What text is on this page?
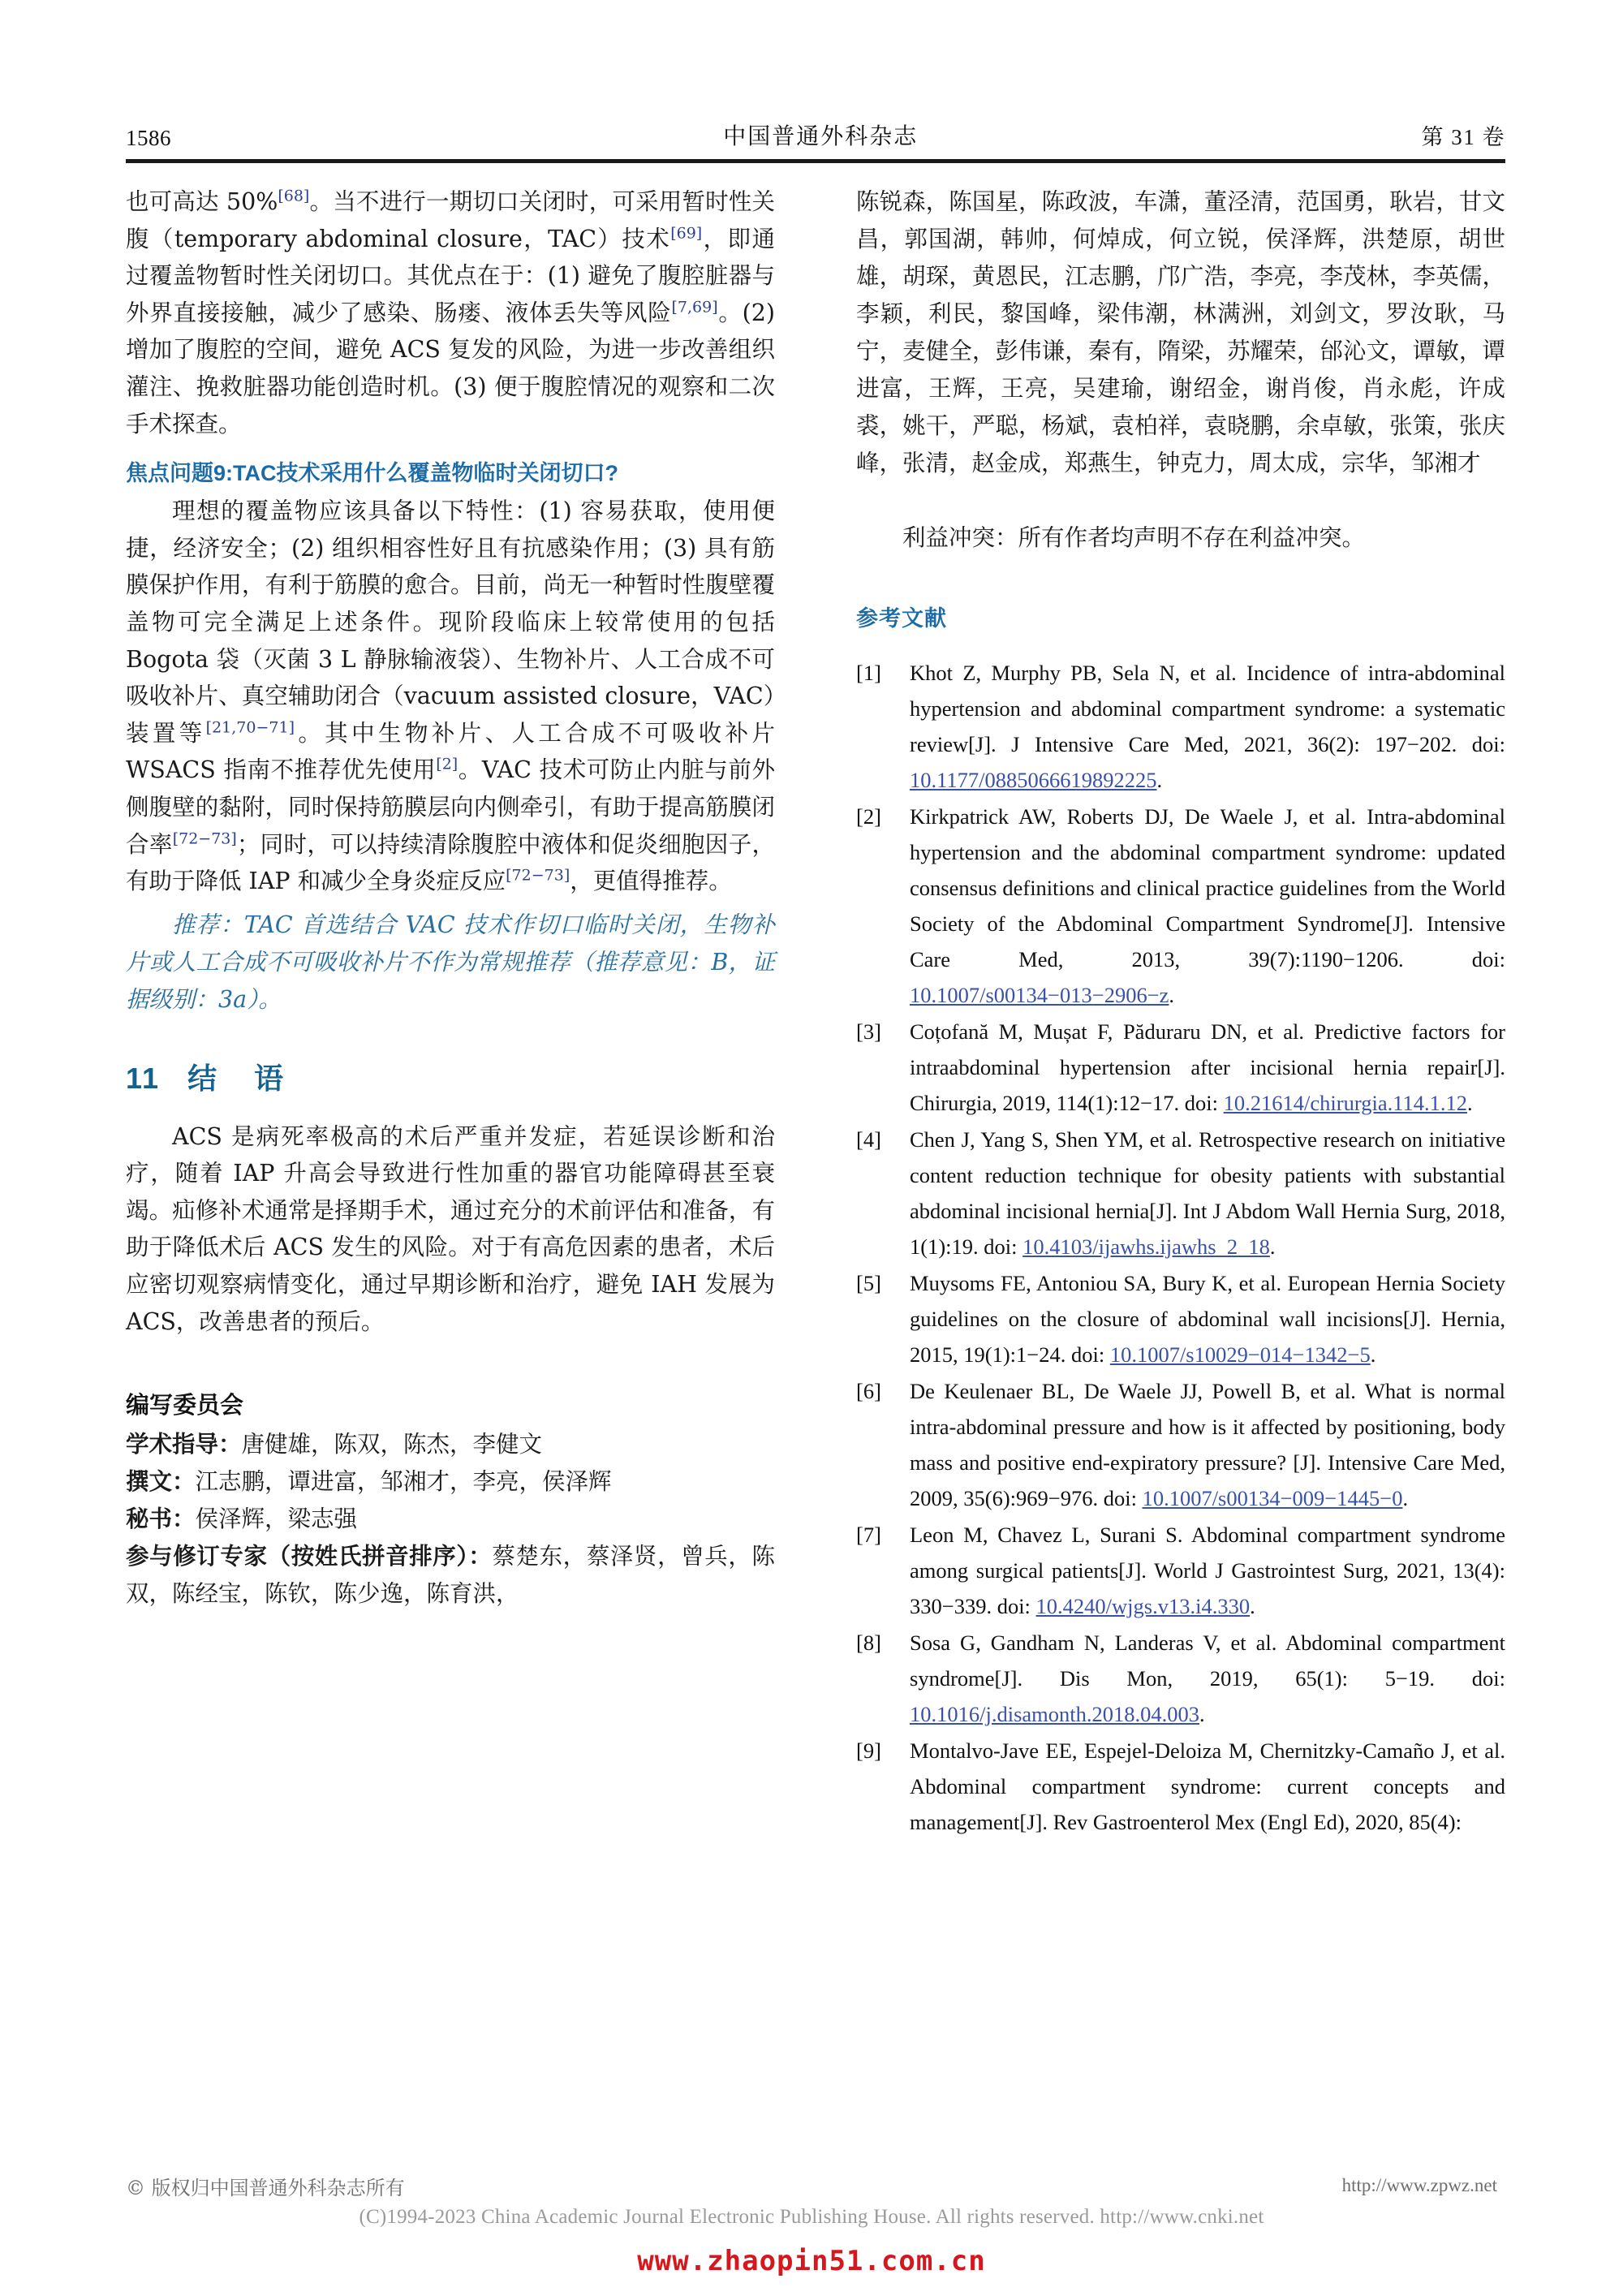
1586	中国普通外科杂志	第 31 卷

也可高达 50%[68]。当不进行一期切口关闭时，可采用暂时性关腹（temporary abdominal closure，TAC）技术[69]，即通过覆盖物暂时性关闭切口。其优点在于：(1) 避免了腹腔脏器与外界直接接触，减少了感染、肠瘘、液体丢失等风险[7,69]。(2) 增加了腹腔的空间，避免 ACS 复发的风险，为进一步改善组织灌注、挽救脏器功能创造时机。(3) 便于腹腔情况的观察和二次手术探查。

焦点问题9:TAC技术采用什么覆盖物临时关闭切口?

理想的覆盖物应该具备以下特性：(1) 容易获取，使用便捷，经济安全；(2) 组织相容性好且有抗感染作用；(3) 具有筋膜保护作用，有利于筋膜的愈合。目前，尚无一种暂时性腹壁覆盖物可完全满足上述条件。现阶段临床上较常使用的包括 Bogota 袋（灭菌 3 L 静脉输液袋）、生物补片、人工合成不可吸收补片、真空辅助闭合（vacuum assisted closure，VAC）装置等[21,70−71]。其中生物补片、人工合成不可吸收补片 WSACS 指南不推荐优先使用[2]。VAC 技术可防止内脏与前外侧腹壁的黏附，同时保持筋膜层向内侧牵引，有助于提高筋膜闭合率[72−73]；同时，可以持续清除腹腔中液体和促炎细胞因子，有助于降低 IAP 和减少全身炎症反应[72−73]，更值得推荐。

推荐：TAC 首选结合 VAC 技术作切口临时关闭，生物补片或人工合成不可吸收补片不作为常规推荐（推荐意见：B，证据级别：3a）。

11 结 语

ACS 是病死率极高的术后严重并发症，若延误诊断和治疗，随着 IAP 升高会导致进行性加重的器官功能障碍甚至衰竭。疝修补术通常是择期手术，通过充分的术前评估和准备，有助于降低术后 ACS 发生的风险。对于有高危因素的患者，术后应密切观察病情变化，通过早期诊断和治疗，避免 IAH 发展为 ACS，改善患者的预后。

编写委员会
学术指导：唐健雄，陈双，陈杰，李健文
撰文：江志鹏，谭进富，邹湘才，李亮，侯泽辉
秘书：侯泽辉，梁志强
参与修订专家（按姓氏拼音排序）：蔡楚东，蔡泽贤，曾兵，陈双，陈经宝，陈钦，陈少逸，陈育洪，

陈锐森，陈国星，陈政波，车潇，董泾清，范国勇，耿岩，甘文昌，郭国湖，韩帅，何焯成，何立锐，侯泽辉，洪楚原，胡世雄，胡琛，黄恩民，江志鹏，邝广浩，李亮，李茂林，李英儒，李颖，利民，黎国峰，梁伟潮，林满洲，刘剑文，罗汝耿，马宁，麦健全，彭伟谦，秦有，隋梁，苏耀荣，邰沁文，谭敏，谭进富，王辉，王亮，吴建瑜，谢绍金，谢肖俊，肖永彪，许成裘，姚干，严聪，杨斌，袁柏祥，袁晓鹏，余卓敏，张策，张庆峰，张清，赵金成，郑燕生，钟克力，周太成，宗华，邹湘才

利益冲突：所有作者均声明不存在利益冲突。

参考文献
[1]	Khot Z, Murphy PB, Sela N, et al. Incidence of intra-abdominal hypertension and abdominal compartment syndrome: a systematic review[J]. J Intensive Care Med, 2021, 36(2): 197−202. doi: 10.1177/0885066619892225.
[2]	Kirkpatrick AW, Roberts DJ, De Waele J, et al. Intra-abdominal hypertension and the abdominal compartment syndrome: updated consensus definitions and clinical practice guidelines from the World Society of the Abdominal Compartment Syndrome[J]. Intensive Care Med, 2013, 39(7):1190−1206. doi: 10.1007/s00134−013−2906−z.
[3]	Coțofană M, Mușat F, Păduraru DN, et al. Predictive factors for intraabdominal hypertension after incisional hernia repair[J]. Chirurgia, 2019, 114(1):12−17. doi: 10.21614/chirurgia.114.1.12.
[4]	Chen J, Yang S, Shen YM, et al. Retrospective research on initiative content reduction technique for obesity patients with substantial abdominal incisional hernia[J]. Int J Abdom Wall Hernia Surg, 2018, 1(1):19. doi: 10.4103/ijawhs.ijawhs_2_18.
[5]	Muysoms FE, Antoniou SA, Bury K, et al. European Hernia Society guidelines on the closure of abdominal wall incisions[J]. Hernia, 2015, 19(1):1−24. doi: 10.1007/s10029−014−1342−5.
[6]	De Keulenaer BL, De Waele JJ, Powell B, et al. What is normal intra-abdominal pressure and how is it affected by positioning, body mass and positive end-expiratory pressure? [J]. Intensive Care Med, 2009, 35(6):969−976. doi: 10.1007/s00134−009−1445−0.
[7]	Leon M, Chavez L, Surani S. Abdominal compartment syndrome among surgical patients[J]. World J Gastrointest Surg, 2021, 13(4): 330−339. doi: 10.4240/wjgs.v13.i4.330.
[8]	Sosa G, Gandham N, Landeras V, et al. Abdominal compartment syndrome[J]. Dis Mon, 2019, 65(1): 5−19. doi: 10.1016/j.disamonth.2018.04.003.
[9]	Montalvo-Jave EE, Espejel-Deloiza M, Chernitzky-Camaño J, et al. Abdominal compartment syndrome: current concepts and management[J]. Rev Gastroenterol Mex (Engl Ed), 2020, 85(4):
© 版权归中国普通外科杂志所有	http://www.zpwz.net
(C)1994-2023 China Academic Journal Electronic Publishing House. All rights reserved. http://www.cnki.net
www.zhaopin51.com.cn
